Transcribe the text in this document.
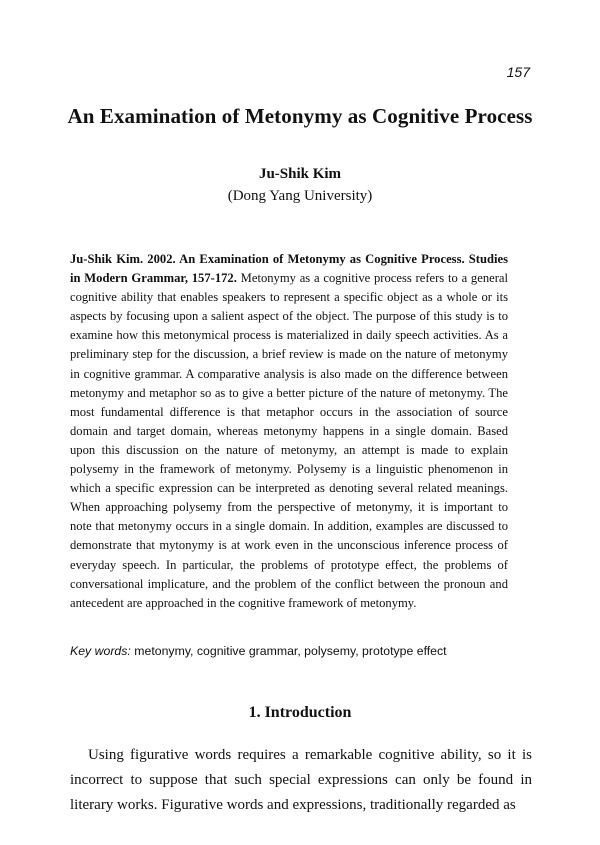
157
An Examination of Metonymy as Cognitive Process
Ju-Shik Kim
(Dong Yang University)

Ju-Shik Kim. 2002. An Examination of Metonymy as Cognitive Process. Studies in Modern Grammar, 157-172. Metonymy as a cognitive process refers to a general cognitive ability that enables speakers to represent a specific object as a whole or its aspects by focusing upon a salient aspect of the object. The purpose of this study is to examine how this metonymical process is materialized in daily speech activities. As a preliminary step for the discussion, a brief review is made on the nature of metonymy in cognitive grammar. A comparative analysis is also made on the difference between metonymy and metaphor so as to give a better picture of the nature of metonymy. The most fundamental difference is that metaphor occurs in the association of source domain and target domain, whereas metonymy happens in a single domain. Based upon this discussion on the nature of metonymy, an attempt is made to explain polysemy in the framework of metonymy. Polysemy is a linguistic phenomenon in which a specific expression can be interpreted as denoting several related meanings. When approaching polysemy from the perspective of metonymy, it is important to note that metonymy occurs in a single domain. In addition, examples are discussed to demonstrate that mytonymy is at work even in the unconscious inference process of everyday speech. In particular, the problems of prototype effect, the problems of conversational implicature, and the problem of the conflict between the pronoun and antecedent are approached in the cognitive framework of metonymy.

Key words: metonymy, cognitive grammar, polysemy, prototype effect
1. Introduction

Using figurative words requires a remarkable cognitive ability, so it is incorrect to suppose that such special expressions can only be found in literary works. Figurative words and expressions, traditionally regarded as
